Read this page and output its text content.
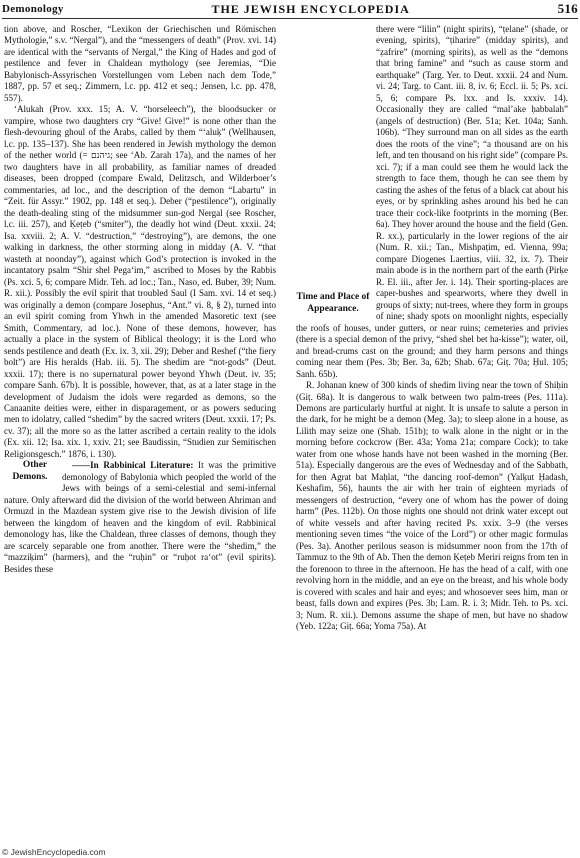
Demonology	THE JEWISH ENCYCLOPEDIA	516

tion above, and Roscher, “Lexikon der Griechischen und Römischen Mythologie,” s.v. “Nergal”), and the “messengers of death” (Prov. xvi. 14) are identical with the “servants of Nergal,” the King of Hades and god of pestilence and fever in Chaldean mythology (see Jeremias, “Die Babylonisch-Assyrischen Vorstellungen vom Leben nach dem Tode,” 1887, pp. 57 et seq.; Zimmern, l.c. pp. 412 et seq.; Jensen, l.c. pp. 478, 557).

‘Alukah (Prov. xxx. 15; A. V. “horseleech”), the bloodsucker or vampire, whose two daughters cry “Give! Give!” is none other than the flesh-devouring ghoul of the Arabs, called by them “‘aluḳ” (Wellhausen, l.c. pp. 135–137). She has been rendered in Jewish mythology the demon of the nether world (= גיהנם; see ‘Ab. Zarah 17a), and the names of her two daughters have in all probability, as familiar names of dreaded diseases, been dropped (compare Ewald, Delitzsch, and Wilderboer’s commentaries, ad loc., and the description of the demon “Labartu” in “Zeit. für Assyr.” 1902, pp. 148 et seq.). Deber (“pestilence”), originally the death-dealing sting of the midsummer sun-god Nergal (see Roscher, l.c. iii. 257), and Ḳeṭeb (“smiter”), the deadly hot wind (Deut. xxxii. 24; Isa. xxviii. 2; A. V. “destruction,” “destroying”), are demons, the one walking in darkness, the other storming along in midday (A. V. “that wasteth at noonday”), against which God’s protection is invoked in the incantatory psalm “Shir shel Pega‘im,” ascribed to Moses by the Rabbis (Ps. xci. 5, 6; compare Midr. Teh. ad loc.; Tan., Naso, ed. Buber, 39; Num. R. xii.). Possibly the evil spirit that troubled Saul (I Sam. xvi. 14 et seq.) was originally a demon (compare Josephus, “Ant.” vi. 8, § 2), turned into an evil spirit coming from Yhwh in the amended Masoretic text (see Smith, Commentary, ad loc.). None of these demons, however, has actually a place in the system of Biblical theology; it is the Lord who sends pestilence and death (Ex. ix. 3, xii. 29); Deber and Reshef (“the fiery bolt”) are His heralds (Hab. iii. 5). The shedim are “not-gods” (Deut. xxxii. 17); there is no supernatural power beyond Yhwh (Deut. iv. 35; compare Sanh. 67b). It is possible, however, that, as at a later stage in the development of Judaism the idols were regarded as demons, so the Canaanite deities were, either in disparagement, or as powers seducing men to idolatry, called “shedim” by the sacred writers (Deut. xxxii. 17; Ps. cv. 37); all the more so as the latter ascribed a certain reality to the idols (Ex. xii. 12; Isa. xix. 1, xxiv. 21; see Baudissin, “Studien zur Semitischen Religionsgesch.” 1876, i. 130).

Other Demons.
——In Rabbinical Literature: It was the primitive demonology of Babylonia which peopled the world of the Jews with beings of a semi-celestial and semi-infernal nature. Only afterward did the division of the world between Ahriman and Ormuzd in the Mazdean system give rise to the Jewish division of life between the kingdom of heaven and the kingdom of evil. Rabbinical demonology has, like the Chaldean, three classes of demons, though they are scarcely separable one from another. There were the “shedim,” the “mazziḳim” (harmers), and the “ruḥin” or “ruḥot ra‘ot” (evil spirits). Besides these

Time and Place of Appearance.

there were “lilin” (night spirits), “ṭelane” (shade, or evening, spirits), “ṭiharire” (midday spirits), and “ẓafrire” (morning spirits), as well as the “demons that bring famine” and “such as cause storm and earthquake” (Targ. Yer. to Deut. xxxii. 24 and Num. vi. 24; Targ. to Cant. iii. 8, iv. 6; Eccl. ii. 5; Ps. xci. 5, 6; compare Ps. lxx. and Is. xxxiv. 14). Occasionally they are called “mal’ake ḥabbalah” (angels of destruction) (Ber. 51a; Ket. 104a; Sanh. 106b). “They surround man on all sides as the earth does the roots of the vine”; “a thousand are on his left, and ten thousand on his right side” (compare Ps. xci. 7); if a man could see them he would lack the strength to face them, though he can see them by casting the ashes of the fetus of a black cat about his eyes, or by sprinkling ashes around his bed he can trace their cock-like footprints in the morning (Ber. 6a). They hover around the house and the field (Gen. R. xx.), particularly in the lower regions of the air (Num. R. xii.; Tan., Mishpaṭim, ed. Vienna, 99a; compare Diogenes Laertius, viii. 32, ix. 7). Their main abode is in the northern part of the earth (Pirḳe R. El. iii., after Jer. i. 14). Their sporting-places are caper-bushes and spearworts, where they dwell in groups of sixty; nut-trees, where they form in groups of nine; shady spots on moonlight nights, especially the roofs of houses, under gutters, or near ruins; cemeteries and privies (there is a special demon of the privy, “shed shel bet ha-kisse”); water, oil, and bread-crums cast on the ground; and they harm persons and things coming near them (Pes. 3b; Ber. 3a, 62b; Shab. 67a; Giṭ. 70a; Ḥul. 105; Sanh. 65b).

R. Johanan knew of 300 kinds of shedim living near the town of Shiḥin (Giṭ. 68a). It is dangerous to walk between two palm-trees (Pes. 111a). Demons are particularly hurtful at night. It is unsafe to salute a person in the dark, for he might be a demon (Meg. 3a); to sleep alone in a house, as Lilith may seize one (Shab. 151b); to walk alone in the night or in the morning before cockcrow (Ber. 43a; Yoma 21a; compare Cock); to take water from one whose hands have not been washed in the morning (Ber. 51a). Especially dangerous are the eves of Wednesday and of the Sabbath, for then Agrat bat Maḥlat, “the dancing roof-demon” (Yalḳut Ḥadash, Keshafim, 56), haunts the air with her train of eighteen myriads of messengers of destruction, “every one of whom has the power of doing harm” (Pes. 112b). On those nights one should not drink water except out of white vessels and after having recited Ps. xxix. 3–9 (the verses mentioning seven times “the voice of the Lord”) or other magic formulas (Pes. 3a). Another perilous season is midsummer noon from the 17th of Tammuz to the 9th of Ab. Then the demon Ḳeṭeb Meriri reigns from ten in the forenoon to three in the afternoon. He has the head of a calf, with one revolving horn in the middle, and an eye on the breast, and his whole body is covered with scales and hair and eyes; and whosoever sees him, man or beast, falls down and expires (Pes. 3b; Lam. R. i. 3; Midr. Teh. to Ps. xci. 3; Num. R. xii.). Demons assume the shape of men, but have no shadow (Yeb. 122a; Giṭ. 66a; Yoma 75a). At

© JewishEncyclopedia.com
